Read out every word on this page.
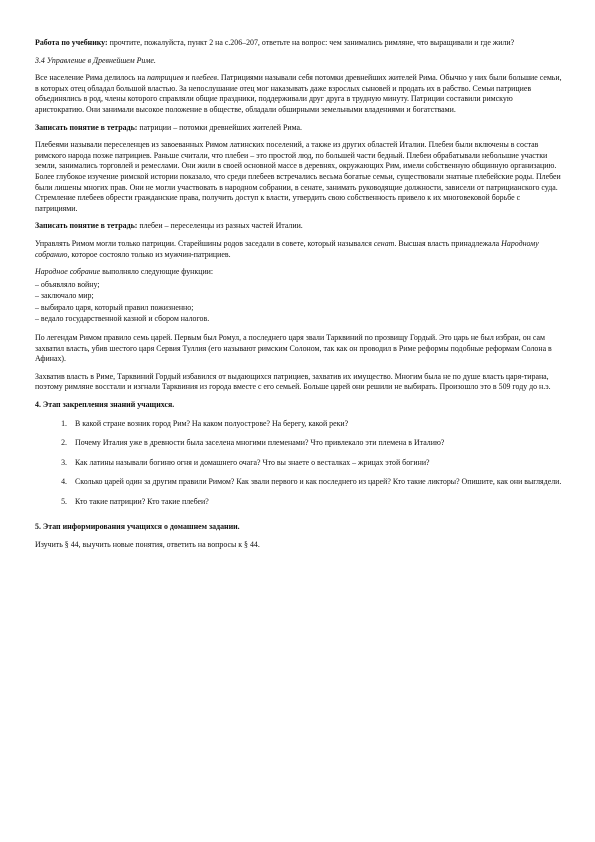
Работа по учебнику: прочтите, пожалуйста, пункт 2 на с.206–207, ответьте на вопрос: чем занимались римляне, что выращивали и где жили?

3.4 Управление в Древнейшем Риме.

Все население Рима делилось на патрициев и плебеев. Патрициями называли себя потомки древнейших жителей Рима. Обычно у них были большие семьи, в которых отец обладал большой властью. За непослушание отец мог наказывать даже взрослых сыновей и продать их в рабство. Семьи патрициев объединялись в род, члены которого справляли общие праздники, поддерживали друг друга в трудную минуту. Патриции составили римскую аристократию. Они занимали высокое положение в обществе, обладали обширными земельными владениями и богатствами.

Записать понятие в тетрадь: патриции – потомки древнейших жителей Рима.

Плебеями называли переселенцев из завоеванных Римом латинских поселений, а также из других областей Италии. Плебеи были включены в состав римского народа позже патрициев. Раньше считали, что плебеи – это простой люд, по большей части бедный. Плебеи обрабатывали небольшие участки земли, занимались торговлей и ремеслами. Они жили в своей основной массе в деревнях, окружающих Рим, имели собственную общинную организацию. Более глубокое изучение римской истории показало, что среди плебеев встречались весьма богатые семьи, существовали знатные плебейские роды. Плебеи были лишены многих прав. Они не могли участвовать в народном собрании, в сенате, занимать руководящие должности, зависели от патрицианского суда. Стремление плебеев обрести гражданские права, получить доступ к власти, утвердить свою собственность привело к их многовековой борьбе с патрициями.

Записать понятие в тетрадь: плебеи – переселенцы из разных частей Италии.

Управлять Римом могли только патриции. Старейшины родов заседали в совете, который назывался сенат. Высшая власть принадлежала Народному собранию, которое состояло только из мужчин-патрициев.

Народное собрание выполняло следующие функции:

– объявляло войну;
– заключало мир;
– выбирало царя, который правил пожизненно;
– ведало государственной казной и сбором налогов.

По легендам Римом правило семь царей. Первым был Ромул, а последнего царя звали Тарквиний по прозвищу Гордый. Это царь не был избран, он сам захватил власть, убив шестого царя Сервия Туллия (его называют римским Солоном, так как он проводил в Риме реформы подобные реформам Солона в Афинах).

Захватив власть в Риме, Тарквиний Гордый избавился от выдающихся патрициев, захватив их имущество. Многим была не по душе власть царя-тирана, поэтому римляне восстали и изгнали Тарквиния из города вместе с его семьей. Больше царей они решили не выбирать. Произошло это в 509 году до н.э.

4. Этап закрепления знаний учащихся.

1. В какой стране возник город Рим? На каком полуострове? На берегу, какой реки?
2. Почему Италия уже в древности была заселена многими племенами? Что привлекало эти племена в Италию?
3. Как латины называли богиню огня и домашнего очага? Что вы знаете о весталках – жрицах этой богини?
4. Сколько царей один за другим правили Римом? Как звали первого и как последнего из царей? Кто такие ликторы? Опишите, как они выглядели.
5. Кто такие патриции? Кто такие плебеи?

5. Этап информирования учащихся о домашнем задании.

Изучить § 44, выучить новые понятия, ответить на вопросы к § 44.
